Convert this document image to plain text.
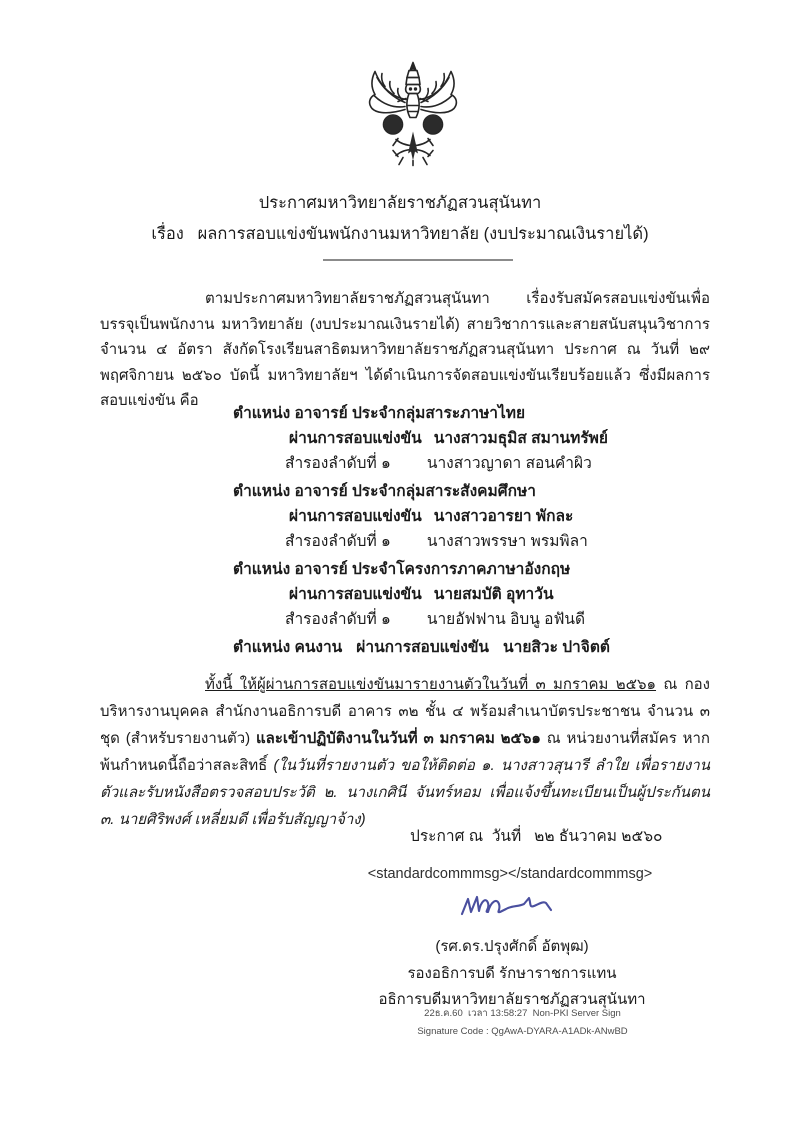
ประกาศมหาวิทยาลัยราชภัฏสวนสุนันทา
เรื่อง   ผลการสอบแข่งขันพนักงานมหาวิทยาลัย (งบประมาณเงินรายได้)
ตามประกาศมหาวิทยาลัยราชภัฏสวนสุนันทา เรื่องรับสมัครสอบแข่งขันเพื่อบรรจุเป็นพนักงาน มหาวิทยาลัย (งบประมาณเงินรายได้) สายวิชาการและสายสนับสนุนวิชาการ จำนวน ๔ อัตรา สังกัดโรงเรียนสาธิตมหาวิทยาลัยราชภัฏสวนสุนันทา ประกาศ ณ วันที่ ๒๙ พฤศจิกายน ๒๕๖๐ บัดนี้ มหาวิทยาลัยฯ ได้ดำเนินการจัดสอบแข่งขันเรียบร้อยแล้ว ซึ่งมีผลการสอบแข่งขัน คือ
ตำแหน่ง อาจารย์ ประจำกลุ่มสาระภาษาไทย
ผ่านการสอบแข่งขัน นางสาวมธุมิส สมานทรัพย์
สำรองลำดับที่ ๑ นางสาวญาดา สอนคำผิว
ตำแหน่ง อาจารย์ ประจำกลุ่มสาระสังคมศึกษา
ผ่านการสอบแข่งขัน นางสาวอารยา พักละ
สำรองลำดับที่ ๑ นางสาวพรรษา พรมพิลา
ตำแหน่ง อาจารย์ ประจำโครงการภาคภาษาอังกฤษ
ผ่านการสอบแข่งขัน นายสมบัติ อุทาวัน
สำรองลำดับที่ ๑ นายอัฟฟาน อิบนู อฟันดี
ตำแหน่ง คนงาน ผ่านการสอบแข่งขัน นายสิวะ ปาจิตต์
ทั้งนี้ ให้ผู้ผ่านการสอบแข่งขันมารายงานตัวในวันที่ ๓ มกราคม ๒๕๖๑ ณ กองบริหารงานบุคคล สำนักงานอธิการบดี อาคาร ๓๒ ชั้น ๔ พร้อมสำเนาบัตรประชาชน จำนวน ๓ ชุด (สำหรับรายงานตัว) และเข้าปฏิบัติงานในวันที่ ๓ มกราคม ๒๕๖๑ ณ หน่วยงานที่สมัคร หากพ้นกำหนดนี้ถือว่าสละสิทธิ์ (ในวันที่รายงานตัว ขอให้ติดต่อ ๑. นางสาวสุนารี ลำใย เพื่อรายงานตัวและรับหนังสือตรวจสอบประวัติ ๒. นางเกศินี จันทร์หอม เพื่อแจ้งขึ้นทะเบียนเป็นผู้ประกันตน ๓. นายศิริพงศ์ เหลี่ยมดี เพื่อรับสัญญาจ้าง)
ประกาศ ณ  วันที่   ๒๒ ธันวาคม ๒๕๖๐
<standardcommmsg></standardcommmsg>
(รศ.ดร.ปรุงศักดิ์ อัตพุฒ)
รองอธิการบดี รักษาราชการแทน
อธิการบดีมหาวิทยาลัยราชภัฏสวนสุนันทา
22ธ.ค.60  เวลา 13:58:27  Non-PKI Server Sign
Signature Code : QgAwA-DYARA-A1ADk-ANwBD
